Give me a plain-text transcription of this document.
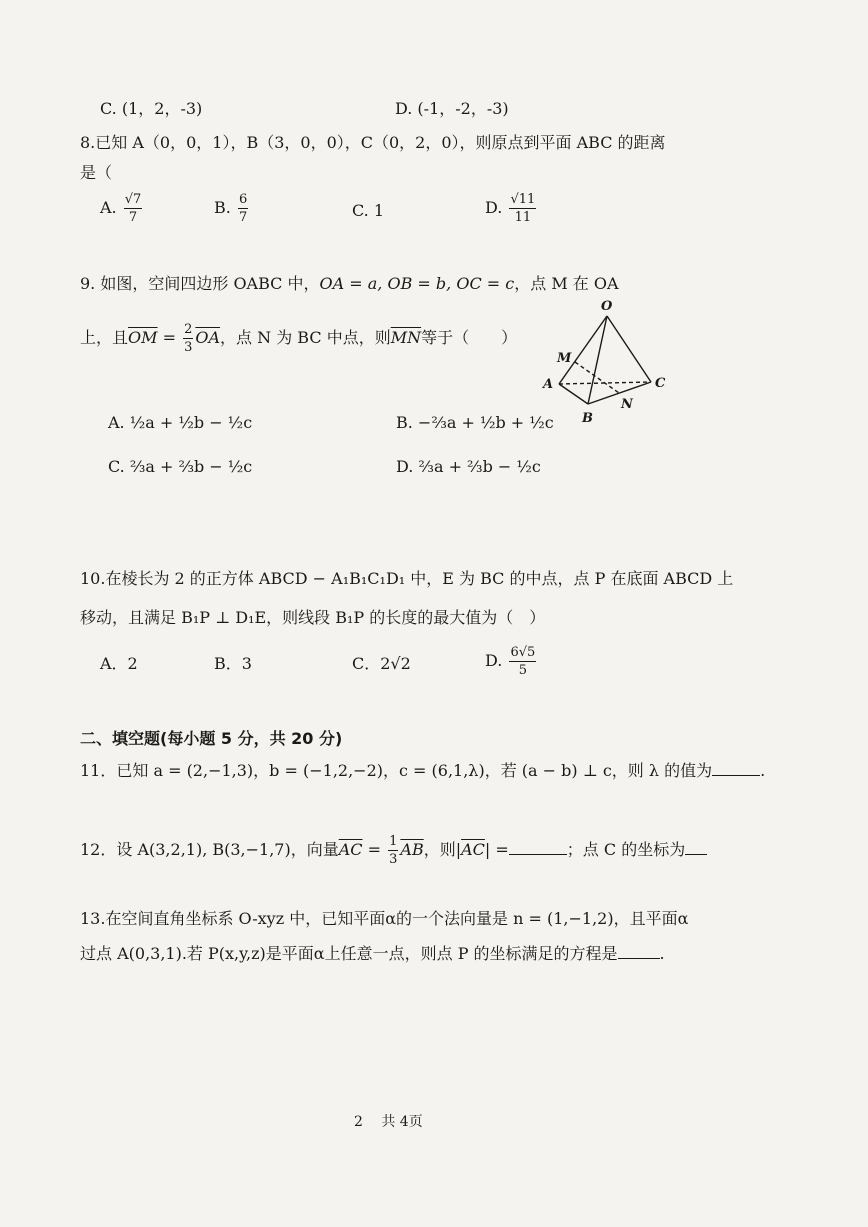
C. (1，2，-3)	D. (-1，-2，-3)
8.已知 A（0，0，1），B（3，0，0），C（0，2，0），则原点到平面 ABC 的距离
是（
A. $\frac{√7}{7}$	B. $\frac{6}{7}$	C. 1	D. $\frac{√11}{11}$
9. 如图，空间四边形 OABC 中，OA = a, OB = b, OC = c，点 M 在 OA
上，且$\overline{OM} = \frac{2}{3} \overline{OA}$，点 N 为 BC 中点，则$\overline{MN}$等于（　　）
A. ½a + ½b − ½c	B. −⅔a + ½b + ½c
C. ⅔a + ⅔b − ½c	D. ⅔a + ⅔b − ½c
O
M
A
B
C
N
10.在棱长为 2 的正方体 ABCD − A₁B₁C₁D₁ 中，E 为 BC 的中点，点 P 在底面 ABCD 上
移动，且满足 B₁P ⊥ D₁E，则线段 B₁P 的长度的最大值为（　）
A．2	B．3	C．2√2	D. $\frac{6√5}{5}$
二、填空题(每小题 5 分，共 20 分)
11．已知 a = (2,−1,3)，b = (−1,2,−2)，c = (6,1,λ)，若 (a − b) ⊥ c，则 λ 的值为	.
12．设 A(3,2,1), B(3,−1,7)，向量$\overline{AC} = \frac{1}{3} \overline{AB}$，则$|\overline{AC}|$ =	；点 C 的坐标为
13.在空间直角坐标系 O-xyz 中，已知平面α的一个法向量是 n = (1,−1,2)，且平面α
过点 A(0,3,1).若 P(x,y,z)是平面α上任意一点，则点 P 的坐标满足的方程是	.
2　 共 4页
